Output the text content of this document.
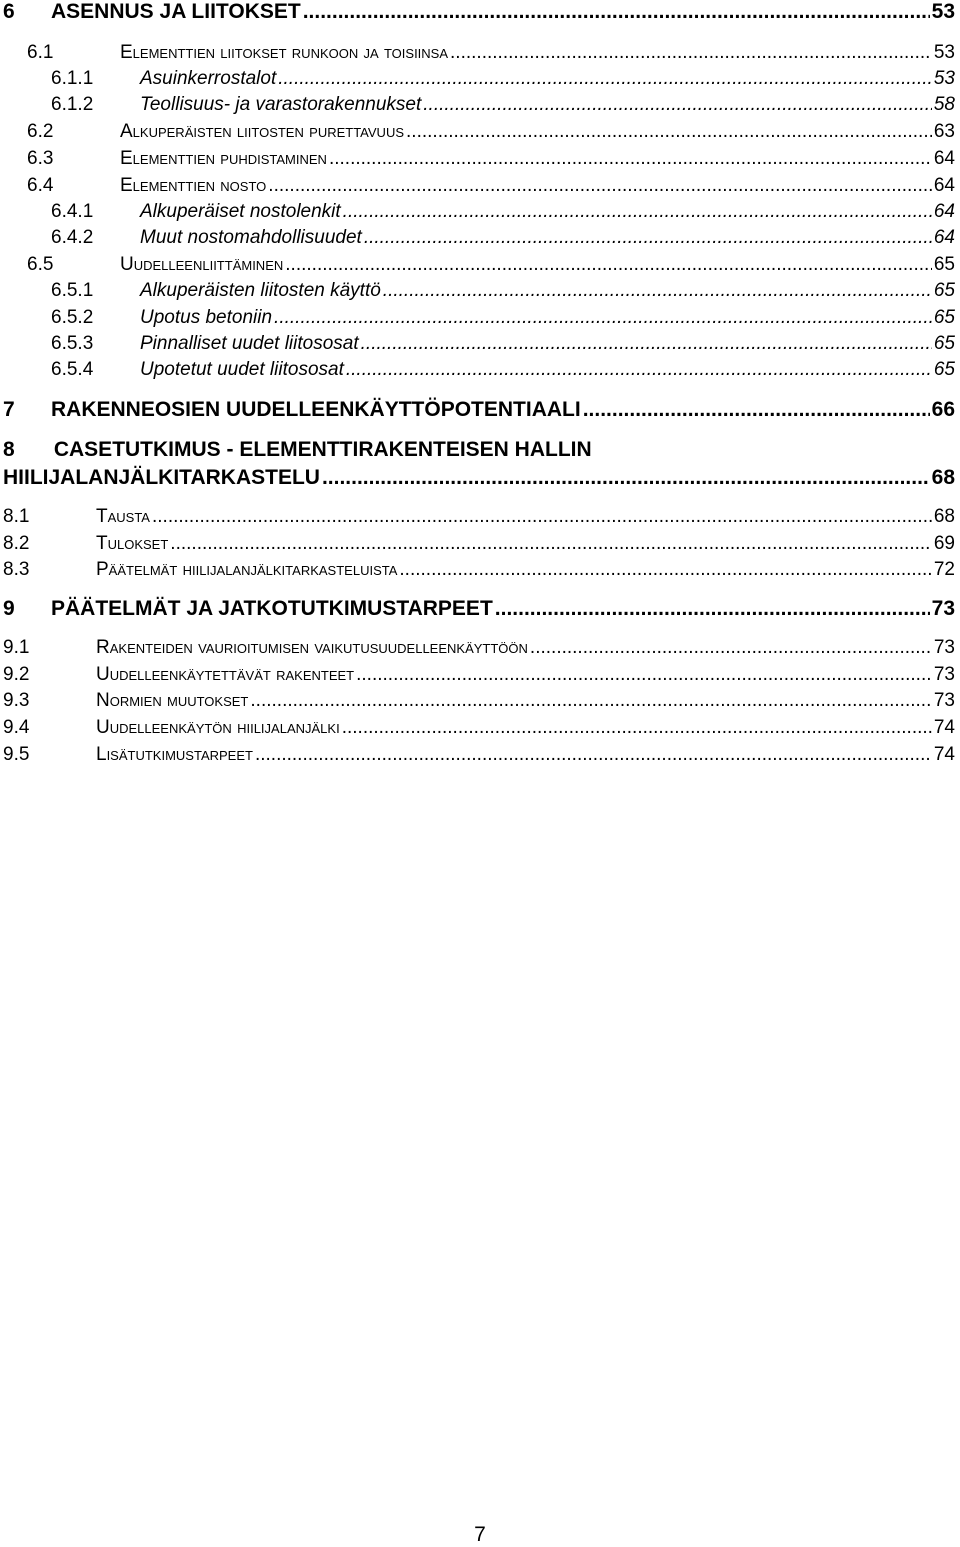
6	ASENNUS JA LIITOKSET .....	53
6.1	Elementtien liitokset runkoon ja toisiinsa .....	53
6.1.1	Asuinkerrostalot .....	53
6.1.2	Teollisuus- ja varastorakennukset .....	58
6.2	Alkuperäisten liitosten purettavuus .....	63
6.3	Elementtien puhdistaminen .....	64
6.4	Elementtien nosto .....	64
6.4.1	Alkuperäiset nostolenkit .....	64
6.4.2	Muut nostomahdollisuudet .....	64
6.5	Uudelleenliittäminen .....	65
6.5.1	Alkuperäisten liitosten käyttö .....	65
6.5.2	Upotus betoniin .....	65
6.5.3	Pinnalliset uudet liitososat .....	65
6.5.4	Upotetut uudet liitososat .....	65
7	RAKENNEOSIEN UUDELLEENKÄYTTÖPOTENTIAALI .....	66
8 CASETUTKIMUS - ELEMENTTIRAKENTEISEN HALLIN
HIILIJALANJÄLKITARKASTELU .....	68
8.1	Tausta .....	68
8.2	Tulokset .....	69
8.3	Päätelmät hiilijalanjälkitarkasteluista .....	72
9	PÄÄTELMÄT JA JATKOTUTKIMUSTARPEET .....	73
9.1	Rakenteiden vaurioitumisen vaikutusuudelleenkäyttöön .....	73
9.2	Uudelleenkäytettävät rakenteet .....	73
9.3	Normien muutokset .....	73
9.4	Uudelleenkäytön hiilijalanjälki .....	74
9.5	Lisätutkimustarpeet .....	74
7
